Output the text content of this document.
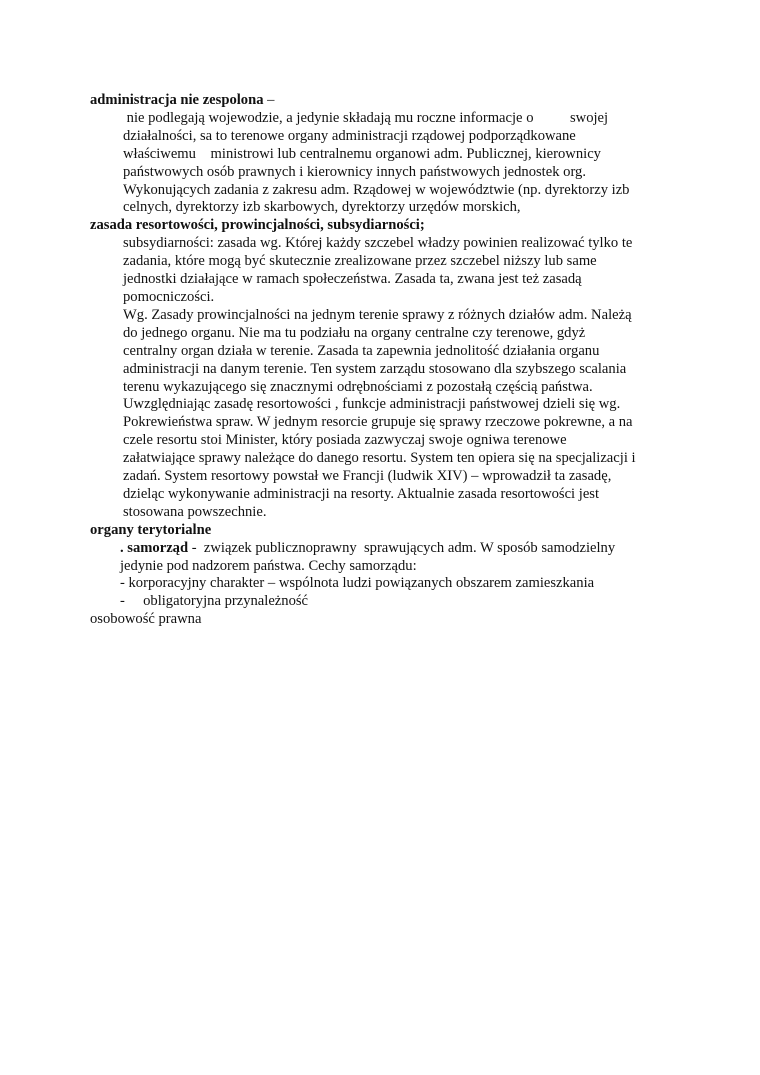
administracja nie zespolona –
nie podlegają wojewodzie, a jedynie składają mu roczne informacje o          swojej
działalności, sa to terenowe organy administracji rządowej podporządkowane
właściwemu    ministrowi lub centralnemu organowi adm. Publicznej, kierownicy
państwowych osób prawnych i kierownicy innych państwowych jednostek org.
Wykonujących zadania z zakresu adm. Rządowej w województwie (np. dyrektorzy izb
celnych, dyrektorzy izb skarbowych, dyrektorzy urzędów morskich,
zasada resortowości, prowincjalności, subsydiarności;
subsydiarności: zasada wg. Której każdy szczebel władzy powinien realizować tylko te
zadania, które mogą być skutecznie zrealizowane przez szczebel niższy lub same
jednostki działające w ramach społeczeństwa. Zasada ta, zwana jest też zasadą
pomocniczości.
Wg. Zasady prowincjalności na jednym terenie sprawy z różnych działów adm. Należą
do jednego organu. Nie ma tu podziału na organy centralne czy terenowe, gdyż
centralny organ działa w terenie. Zasada ta zapewnia jednolitość działania organu
administracji na danym terenie. Ten system zarządu stosowano dla szybszego scalania
terenu wykazującego się znacznymi odrębnościami z pozostałą częścią państwa.
Uwzględniając zasadę resortowości , funkcje administracji państwowej dzieli się wg.
Pokrewieństwa spraw. W jednym resorcie grupuje się sprawy rzeczowe pokrewne, a na
czele resortu stoi Minister, który posiada zazwyczaj swoje ogniwa terenowe
załatwiające sprawy należące do danego resortu. System ten opiera się na specjalizacji i
zadań. System resortowy powstał we Francji (ludwik XIV) – wprowadził ta zasadę,
dzieląc wykonywanie administracji na resorty. Aktualnie zasada resortowości jest
stosowana powszechnie.
organy terytorialne
. samorząd -  związek publicznoprawny  sprawujących adm. W sposób samodzielny
jedynie pod nadzorem państwa. Cechy samorządu:
- korporacyjny charakter – wspólnota ludzi powiązanych obszarem zamieszkania
-     obligatoryjna przynależność
osobowość prawna
